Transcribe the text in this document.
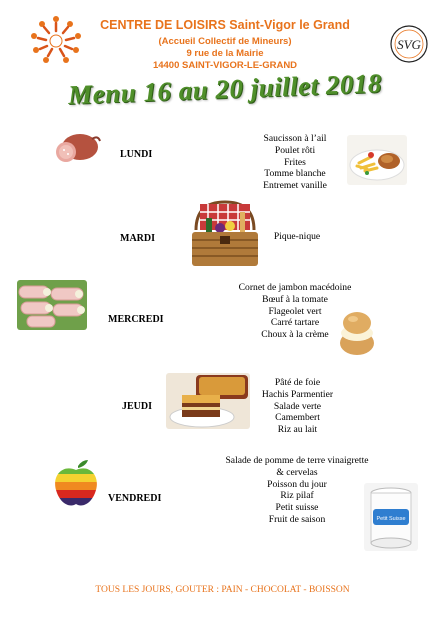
SVG
CENTRE DE LOISIRS Saint-Vigor le Grand
(Accueil Collectif de Mineurs)
9 rue de la Mairie
14400 SAINT-VIGOR-LE-GRAND
Menu 16 au 20 juillet 2018
LUNDI
Saucisson à l’ail
Poulet rôti
Frites
Tomme blanche
Entremet vanille
MARDI	Pique-nique
MERCREDI
Cornet de jambon macédoine
Bœuf à la tomate
Flageolet vert
Carré tartare
Choux à la crème
JEUDI
Pâté de foie
Hachis Parmentier
Salade verte
Camembert
Riz au lait
VENDREDI
Salade de pomme de terre vinaigrette
& cervelas
Poisson du jour
Riz pilaf
Petit suisse
Fruit de saison	Petit Suisse
TOUS LES JOURS, GOUTER : PAIN - CHOCOLAT - BOISSON
